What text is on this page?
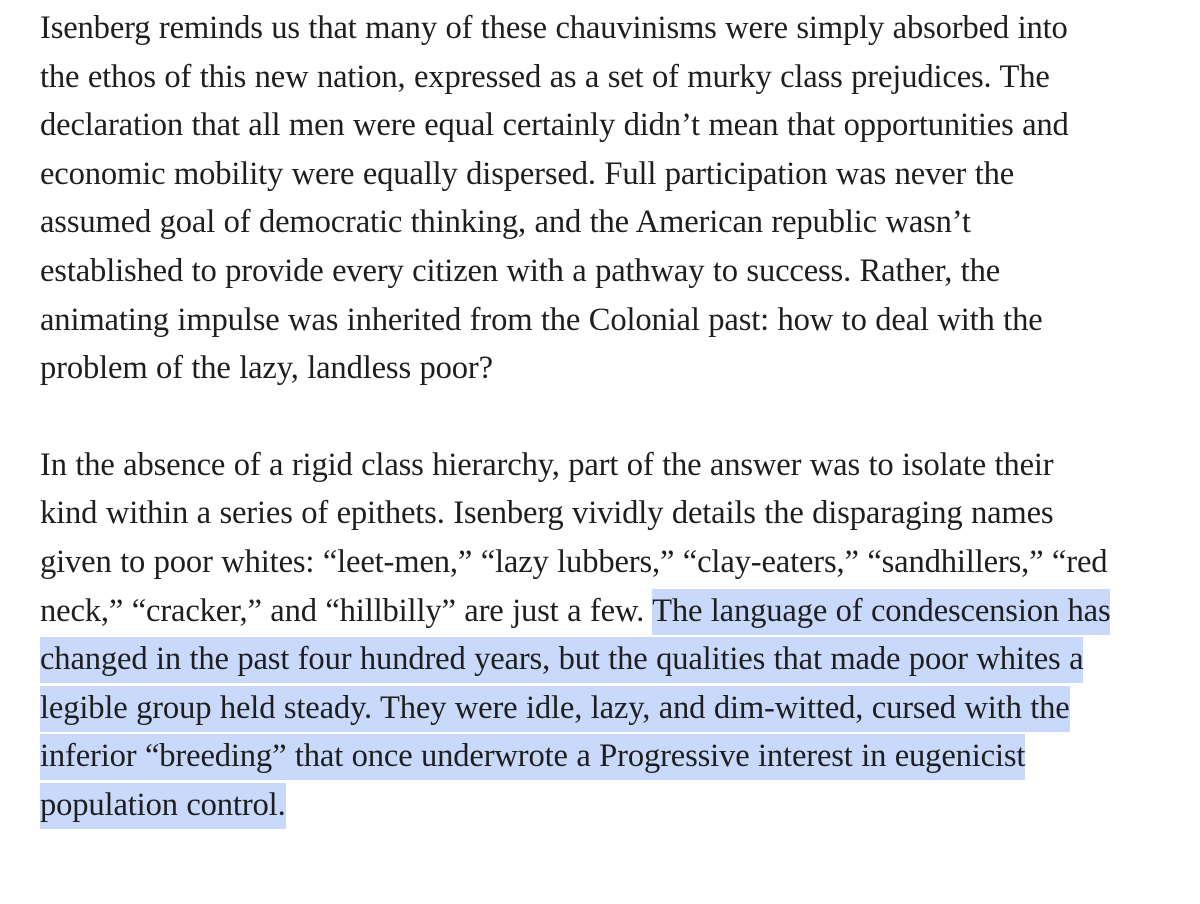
Isenberg reminds us that many of these chauvinisms were simply absorbed into
the ethos of this new nation, expressed as a set of murky class prejudices. The
declaration that all men were equal certainly didn’t mean that opportunities and
economic mobility were equally dispersed. Full participation was never the
assumed goal of democratic thinking, and the American republic wasn’t
established to provide every citizen with a pathway to success. Rather, the
animating impulse was inherited from the Colonial past: how to deal with the
problem of the lazy, landless poor?

In the absence of a rigid class hierarchy, part of the answer was to isolate their
kind within a series of epithets. Isenberg vividly details the disparaging names
given to poor whites: “leet-men,” “lazy lubbers,” “clay-eaters,” “sandhillers,” “red
neck,” “cracker,” and “hillbilly” are just a few. The language of condescension has
changed in the past four hundred years, but the qualities that made poor whites a
legible group held steady. They were idle, lazy, and dim-witted, cursed with the
inferior “breeding” that once underwrote a Progressive interest in eugenicist
population control.
